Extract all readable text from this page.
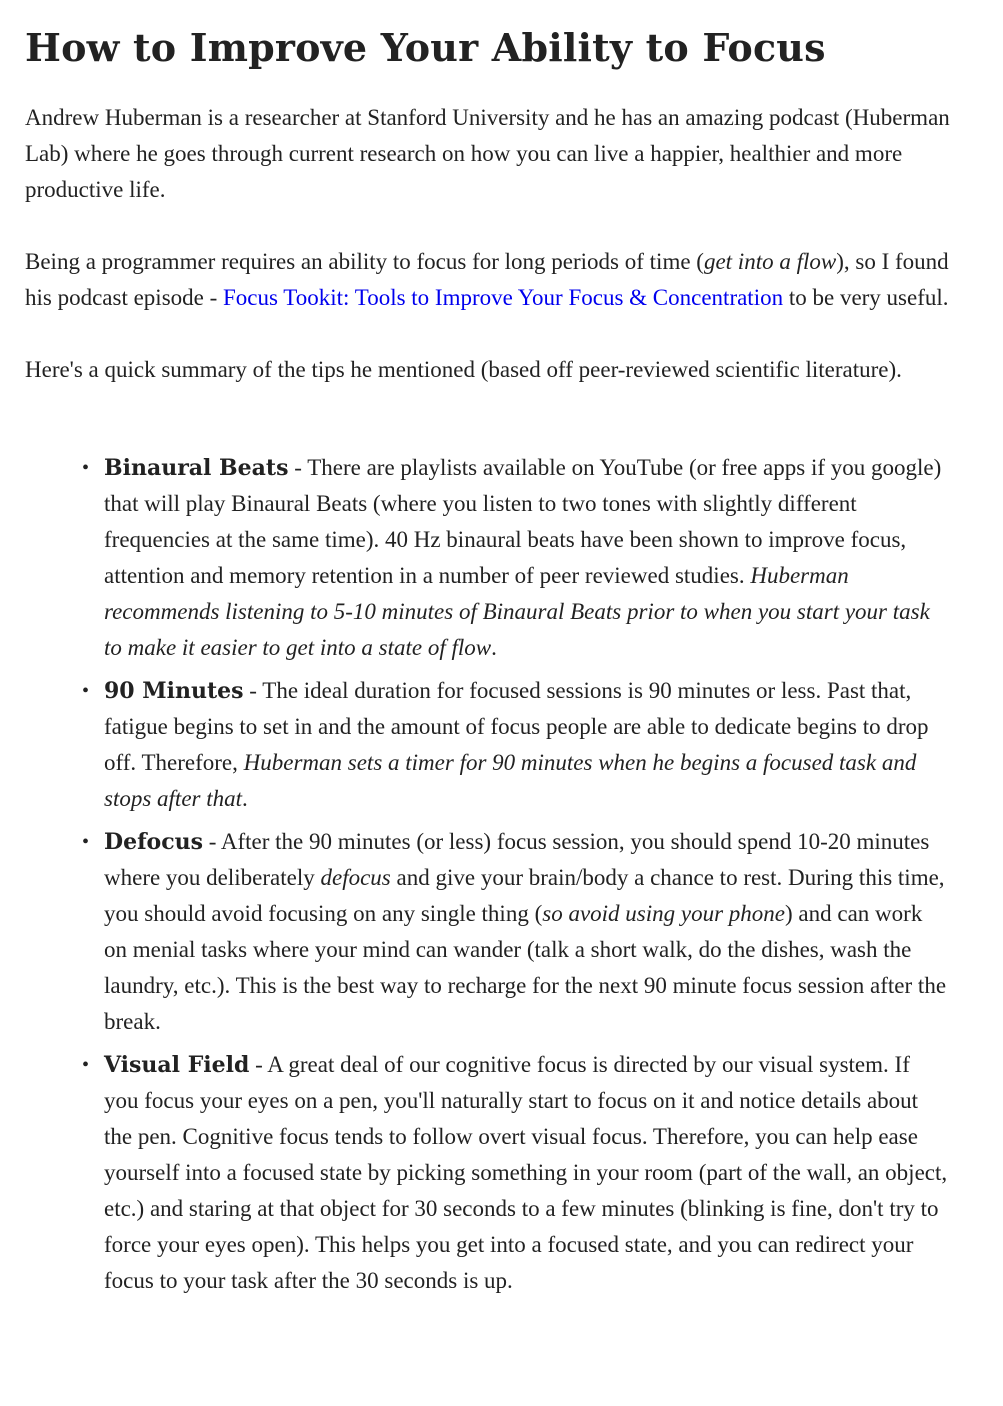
How to Improve Your Ability to Focus

Andrew Huberman is a researcher at Stanford University and he has an amazing podcast (Huberman Lab) where he goes through current research on how you can live a happier, healthier and more productive life.

Being a programmer requires an ability to focus for long periods of time (get into a flow), so I found his podcast episode - Focus Tookit: Tools to Improve Your Focus & Concentration to be very useful.

Here's a quick summary of the tips he mentioned (based off peer-reviewed scientific literature).

• Binaural Beats - There are playlists available on YouTube (or free apps if you google) that will play Binaural Beats (where you listen to two tones with slightly different frequencies at the same time). 40 Hz binaural beats have been shown to improve focus, attention and memory retention in a number of peer reviewed studies. Huberman recommends listening to 5-10 minutes of Binaural Beats prior to when you start your task to make it easier to get into a state of flow.
• 90 Minutes - The ideal duration for focused sessions is 90 minutes or less. Past that, fatigue begins to set in and the amount of focus people are able to dedicate begins to drop off. Therefore, Huberman sets a timer for 90 minutes when he begins a focused task and stops after that.
• Defocus - After the 90 minutes (or less) focus session, you should spend 10-20 minutes where you deliberately defocus and give your brain/body a chance to rest. During this time, you should avoid focusing on any single thing (so avoid using your phone) and can work on menial tasks where your mind can wander (talk a short walk, do the dishes, wash the laundry, etc.). This is the best way to recharge for the next 90 minute focus session after the break.
• Visual Field - A great deal of our cognitive focus is directed by our visual system. If you focus your eyes on a pen, you'll naturally start to focus on it and notice details about the pen. Cognitive focus tends to follow overt visual focus. Therefore, you can help ease yourself into a focused state by picking something in your room (part of the wall, an object, etc.) and staring at that object for 30 seconds to a few minutes (blinking is fine, don't try to force your eyes open). This helps you get into a focused state, and you can redirect your focus to your task after the 30 seconds is up.
